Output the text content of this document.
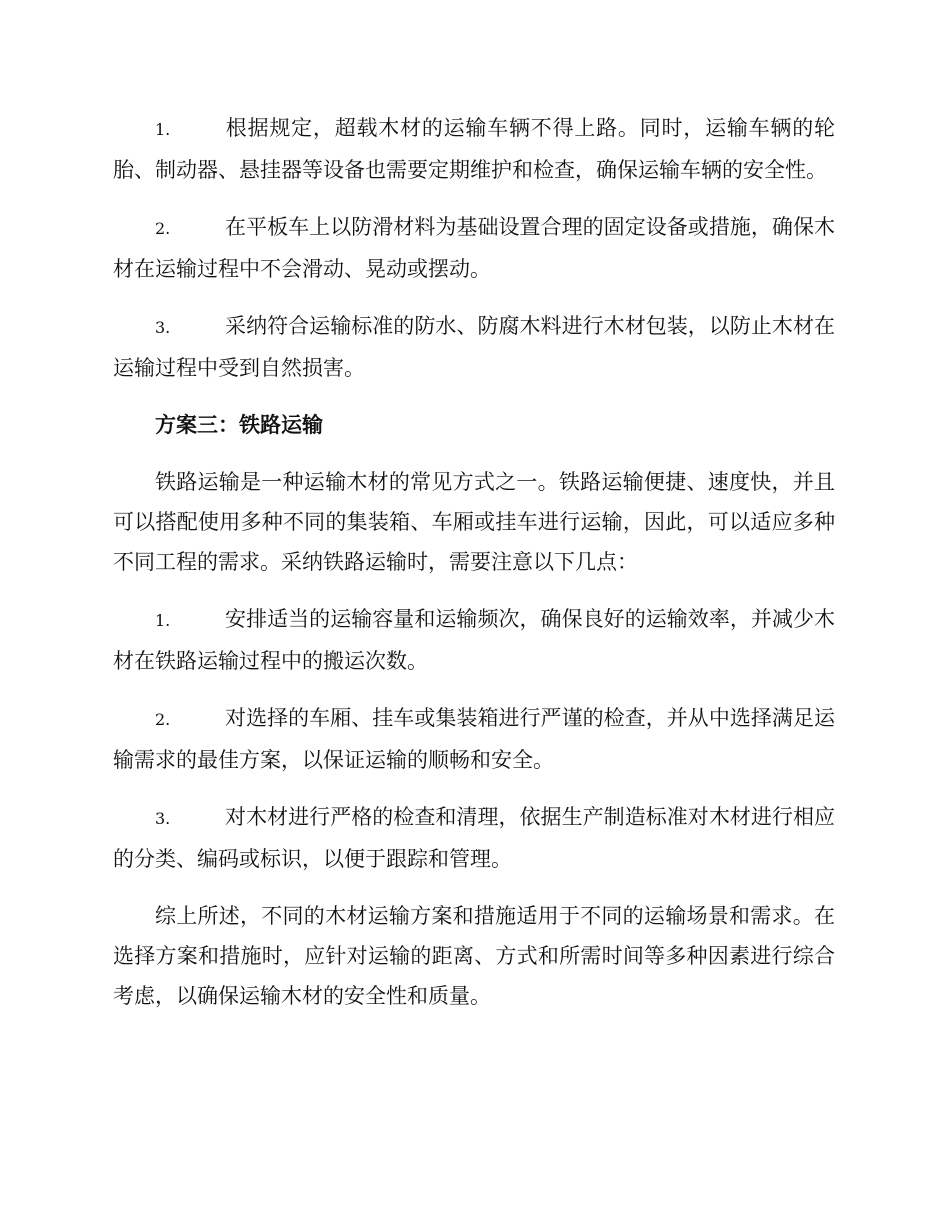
1.	根据规定，超载木材的运输车辆不得上路。同时，运输车辆的轮胎、制动器、悬挂器等设备也需要定期维护和检查，确保运输车辆的安全性。

2.	在平板车上以防滑材料为基础设置合理的固定设备或措施，确保木材在运输过程中不会滑动、晃动或摆动。

3.	采纳符合运输标准的防水、防腐木料进行木材包装，以防止木材在运输过程中受到自然损害。

方案三：铁路运输

铁路运输是一种运输木材的常见方式之一。铁路运输便捷、速度快，并且可以搭配使用多种不同的集装箱、车厢或挂车进行运输，因此，可以适应多种不同工程的需求。采纳铁路运输时，需要注意以下几点：

1.	安排适当的运输容量和运输频次，确保良好的运输效率，并减少木材在铁路运输过程中的搬运次数。

2.	对选择的车厢、挂车或集装箱进行严谨的检查，并从中选择满足运输需求的最佳方案，以保证运输的顺畅和安全。

3.	对木材进行严格的检查和清理，依据生产制造标准对木材进行相应的分类、编码或标识，以便于跟踪和管理。

综上所述，不同的木材运输方案和措施适用于不同的运输场景和需求。在选择方案和措施时，应针对运输的距离、方式和所需时间等多种因素进行综合考虑，以确保运输木材的安全性和质量。
